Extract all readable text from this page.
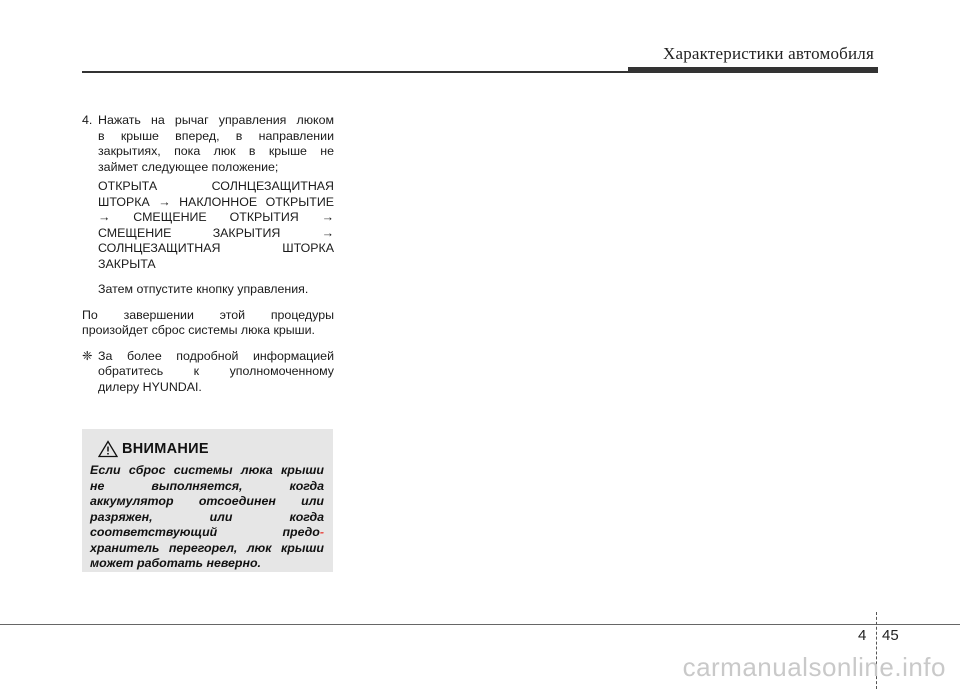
Характеристики автомобиля
4. Нажать на рычаг управления люком
в крыше вперед, в направлении
закрытиях, пока люк в крыше не
займет следующее положение;
ОТКРЫТА СОЛНЦЕЗАЩИТНАЯ
ШТОРКА → НАКЛОННОЕ ОТКРЫТИЕ
→ СМЕЩЕНИЕ ОТКРЫТИЯ →
СМЕЩЕНИЕ ЗАКРЫТИЯ →
СОЛНЦЕЗАЩИТНАЯ ШТОРКА
ЗАКРЫТА
Затем отпустите кнопку управления.
По завершении этой процедуры
произойдет сброс системы люка крыши.
❈ За более подробной информацией
обратитесь к уполномоченному
дилеру HYUNDAI.
ВНИМАНИЕ
Если сброс системы люка крыши
не выполняется, когда
аккумулятор отсоединен или
разряжен, или когда
соответствующий предо-
хранитель перегорел, люк крыши
может работать неверно.
4 45
carmanualsonline.info
